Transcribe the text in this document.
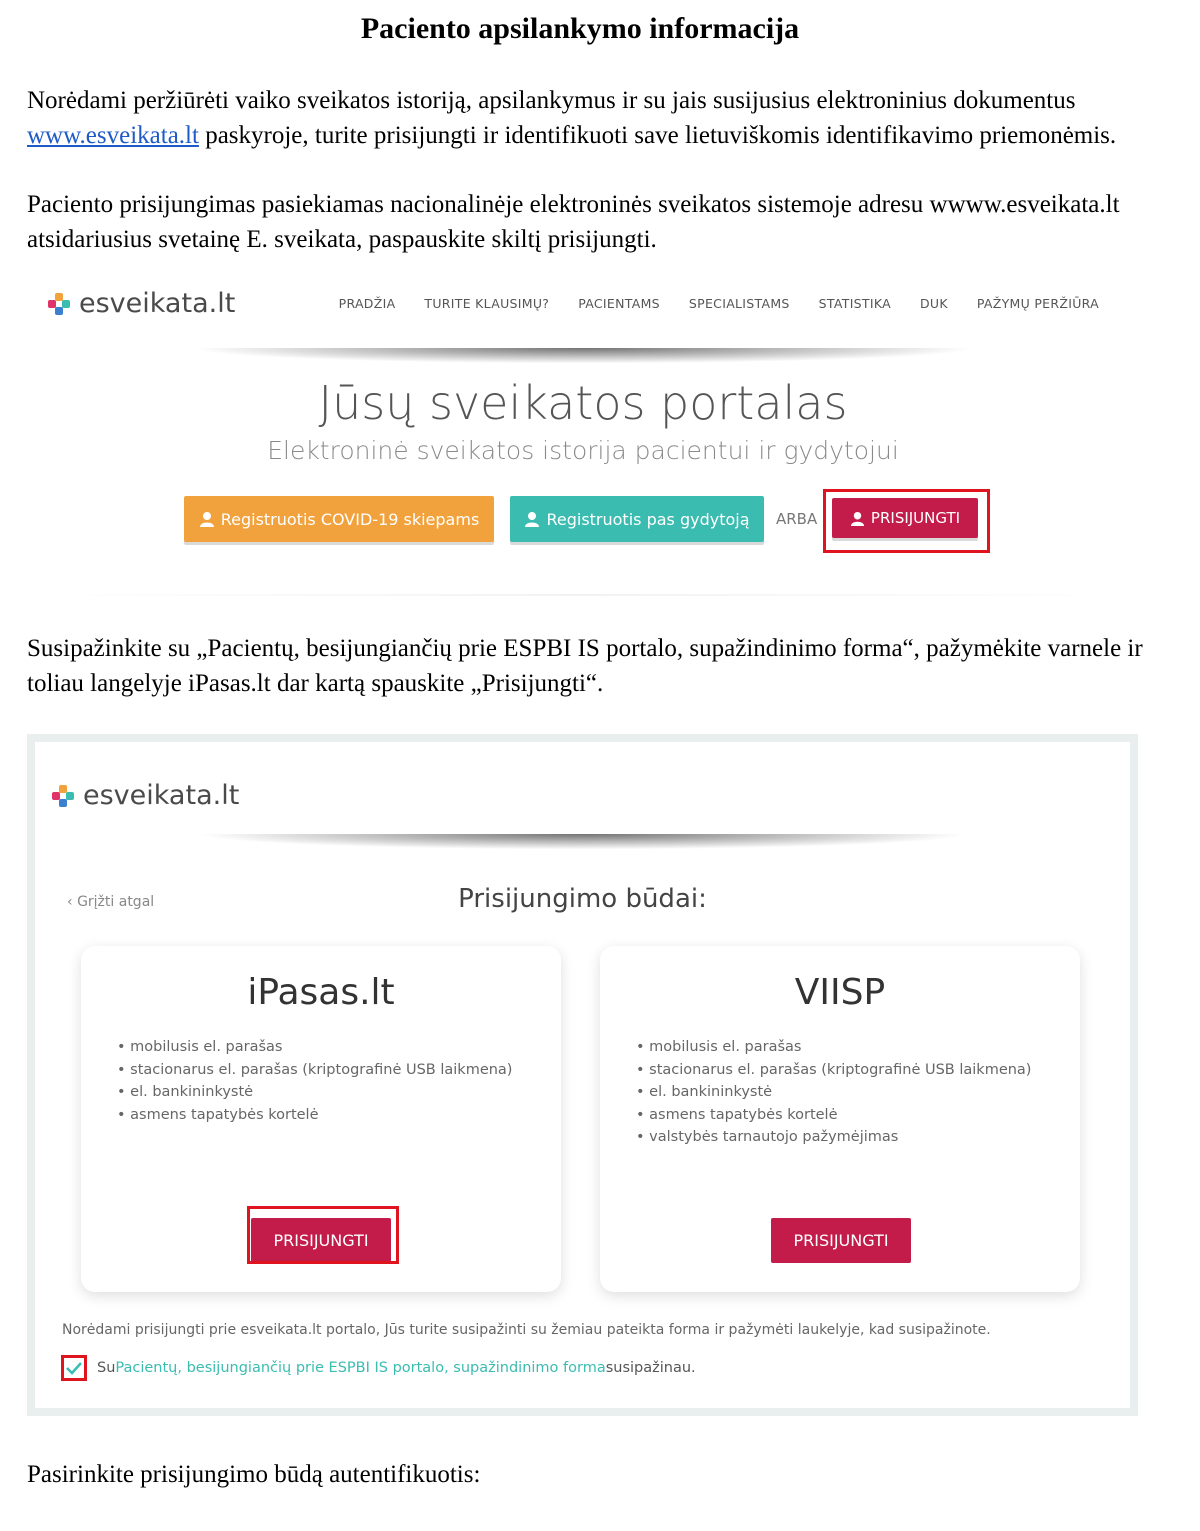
Paciento apsilankymo informacija

Norėdami peržiūrėti vaiko sveikatos istoriją, apsilankymus ir su jais susijusius elektroninius dokumentus www.esveikata.lt paskyroje, turite prisijungti ir identifikuoti save lietuviškomis identifikavimo priemonėmis.

Paciento prisijungimas pasiekiamas nacionalinėje elektroninės sveikatos sistemoje adresu wwww.esveikata.lt atsidariusius svetainę E. sveikata, paspauskite skiltį prisijungti.

esveikata.lt	PRADŽIA TURITE KLAUSIMŲ? PACIENTAMS SPECIALISTAMS STATISTIKA DUK PAŽYMŲ PERŽIŪRA
Jūsų sveikatos portalas
Elektroninė sveikatos istorija pacientui ir gydytojui
Registruotis COVID-19 skiepams	Registruotis pas gydytoją ARBA	PRISIJUNGTI

Susipažinkite su „Pacientų, besijungiančių prie ESPBI IS portalo, supažindinimo forma“, pažymėkite varnele ir toliau langelyje iPasas.lt dar kartą spauskite „Prisijungti“.

esveikata.lt
‹ Grįžti atgal	Prisijungimo būdai:
iPasas.lt
• mobilusis el. parašas
• stacionarus el. parašas (kriptografinė USB laikmena)
• el. bankininkystė
• asmens tapatybės kortelė
PRISIJUNGTI
VIISP
• mobilusis el. parašas
• stacionarus el. parašas (kriptografinė USB laikmena)
• el. bankininkystė
• asmens tapatybės kortelė
• valstybės tarnautojo pažymėjimas
PRISIJUNGTI
Norėdami prisijungti prie esveikata.lt portalo, Jūs turite susipažinti su žemiau pateikta forma ir pažymėti laukelyje, kad susipažinote.
Su Pacientų, besijungiančių prie ESPBI IS portalo, supažindinimo forma susipažinau.

Pasirinkite prisijungimo būdą autentifikuotis:
